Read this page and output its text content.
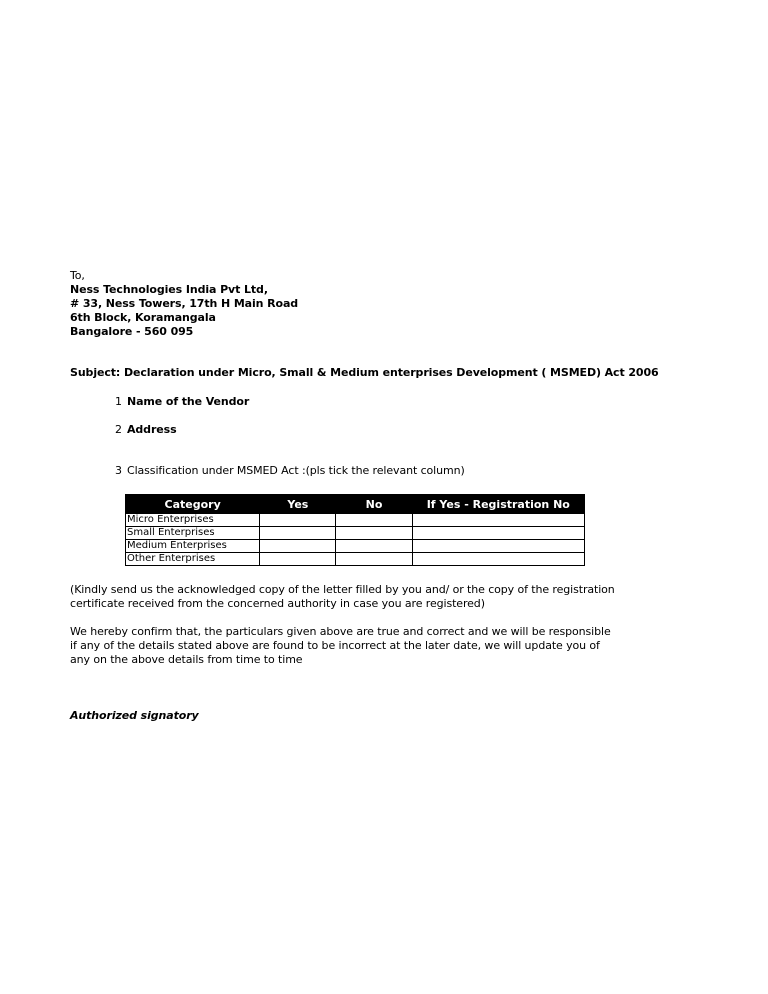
To,
Ness Technologies India Pvt Ltd,
# 33, Ness Towers, 17th H Main Road
6th Block, Koramangala
Bangalore - 560 095
Subject: Declaration under Micro, Small & Medium enterprises Development ( MSMED) Act 2006
1 Name of the Vendor
2 Address
3 Classification under MSMED Act :(pls tick the relevant column)
Category	Yes	No	If Yes - Registration No
Micro Enterprises			
Small Enterprises			
Medium Enterprises			
Other Enterprises			
(Kindly send us the acknowledged copy of the letter filled by you and/ or the copy of the registration
certificate received from the concerned authority in case you are registered)
We hereby confirm that, the particulars given above are true and correct and we will be responsible
if any of the details stated above are found to be incorrect at the later date, we will update you of
any on the above details from time to time
Authorized signatory
